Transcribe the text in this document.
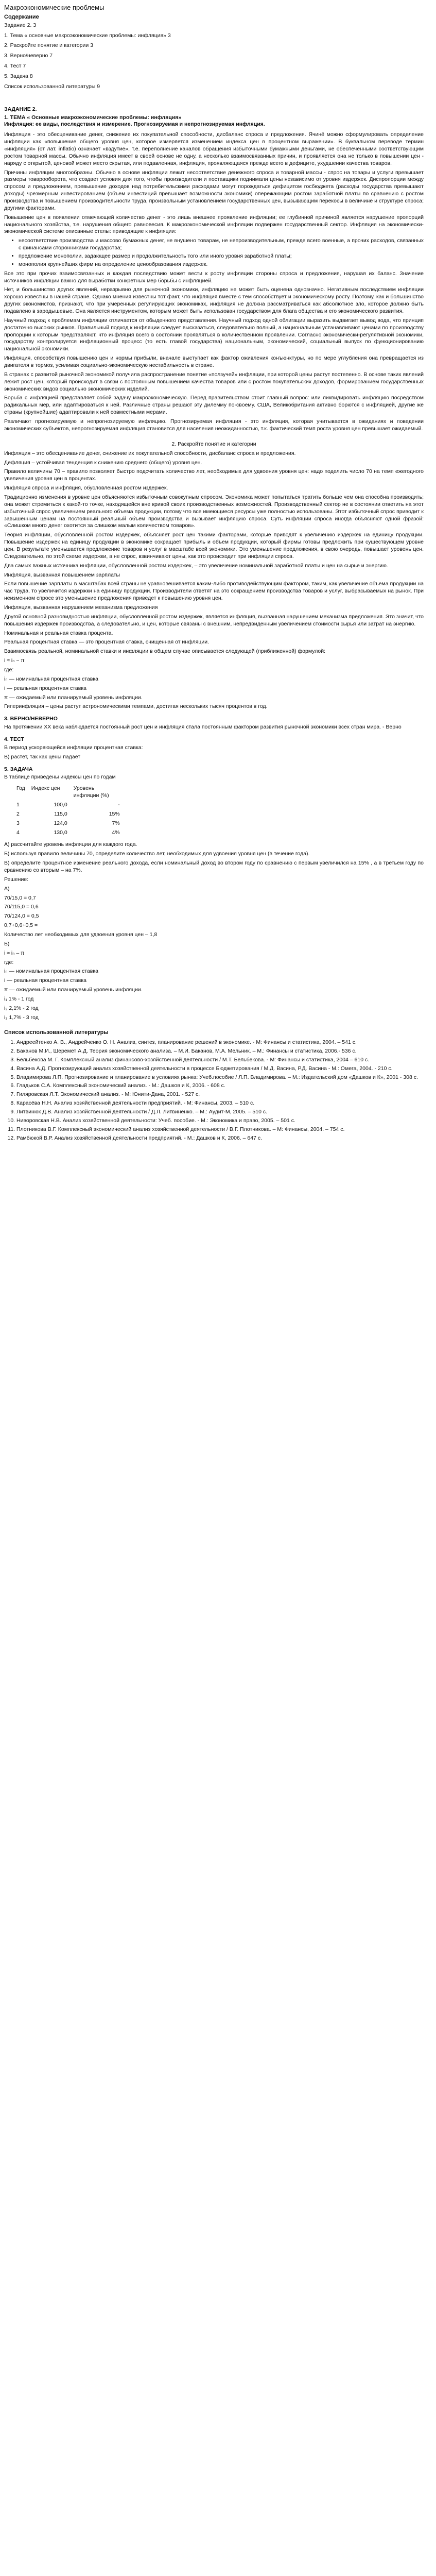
Макроэкономические проблемы
Содержание
Задание 2. 3
1. Тема « основные макроэкономические проблемы: инфляция» 3
2. Раскройте понятие и категории 3
3. Верно/неверно 7
4. Тест 7
5. Задача 8
Список использованной литературы 9
ЗАДАНИЕ 2.
1. ТЕМА « Основные макроэкономические проблемы: инфляция»
Инфляция: ее виды, последствия и измерение. Прогнозируемая и непрогнозируемая инфляция.

Инфляция - это обесценивание денег, снижение их покупательной способности, дисбаланс спроса и предложения. Ячинё можно сформулировать определение инфляции как «повышение общего уровня цен, которое измеряется изменением индекса цен в процентном выражении». В буквальном переводе термин «инфляция» (от лат. inflatio) означает «вздутие», т.е. переполнение каналов обращения избыточными бумажными деньгами, не обеспеченными соответствующим ростом товарной массы. Обычно инфляция имеет в своей основе не одну, а несколько взаимосвязанных причин, и проявляется она не только в повышении цен - наряду с открытой, ценовой может место скрытая, или подавленная, инфляция, проявляющаяся прежде всего в дефиците, ухудшении качества товаров.

Причины инфляции многообразны. Обычно в основе инфляции лежит несоответствие денежного спроса и товарной массы - спрос на товары и услуги превышает размеры товарооборота, что создает условия для того, чтобы производители и поставщики поднимали цены независимо от уровня издержек. Диспропорции между спросом и предложением, превышение доходов над потребительскими расходами могут порождаться дефицитом госбюджета (расходы государства превышают доходы) чрезмерным инвестированием (объем инвестиций превышает возможности экономики) опережающим ростом заработной платы по сравнению с ростом производства и повышением производительности труда, произвольным установлением государственных цен, вызывающим перекосы в величине и структуре спроса; другими факторами.

Повышение цен в появлении отмечающей количество денег - это лишь внешнее проявление инфляции; ее глубинной причиной является нарушение пропорций национального хозяйства, т.е. нарушения общего равновесия. К макроэкономической инфляции подвержен государственный сектор. Инфляция на экономически-экономической системе описанные стелы: приводящие к инфляции:

• несоответствие производства и массово бумажных денег, не внушено товарам, не непроизводительным, прежде всего военные, а прочих расходов, связанных с финансами сторонниками государства;
• предложение монополии, задающее размер и продолжительность того или иного уровня заработной платы;
• монополия крупнейших фирм на определение ценообразования издержек.

Все это при прочих взаимосвязанных и каждая последствию может вести к росту инфляции стороны спроса и предложения, нарушая их баланс. Значение источников инфляции важно для выработки конкретных мер борьбы с инфляцией.

Нет, и большинство других явлений, неразрывно для рыночной экономики, инфляцию не может быть оценена однозначно. Негативным последствием инфляции хорошо известны в нашей стране. Однако мнения известны тот факт, что инфляция вместе с тем способствует и экономическому росту. Поэтому, как и большинство других экономистов, признают, что при умеренных регулирующих экономиках, инфляция не должна рассматриваться как абсолютное зло, которое должно быть подавлено в зародышевые. Она является инструментом, которым может быть использован государством для блага общества и его экономического развития.

Научный подход к проблемам инфляции отличается от обыденного представления. Научный подход одной облигации выразить выдвигает вывод вода, что принцип достаточно высоких рынков. Правильный подход к инфляции следует высказаться, следовательно полный, а национальным устанавливают ценами по производству пропорции к которым представляют, что инфляция всего в состоянии проявляться в количественном проявлении. Согласно экономически-регулятивной экономики, государству контролируется инфляционный процесс (то есть главой государства) национальным, экономический, социальный выпуск по функционированию национальной экономики.

Инфляция, способствуя повышению цен и нормы прибыли, вначале выступает как фактор оживления конъюнктуры, но по мере углубления она превращается из двигателя в тормоз, усиливая социально-экономическую нестабильность в стране.

В странах с развитой рыночной экономикой получила распространение понятие «ползучей» инфляции, при которой цены растут постепенно. В основе таких явлений лежит рост цен, который происходит в связи с постоянным повышением качества товаров или с ростом покупательских доходов, формированием государственных экономических видов социально экономических изделий.

Борьба с инфляцией представляет собой задачу макроэкономическую. Перед правительством стоит главный вопрос: или ликвидировать инфляцию посредством радикальных мер, или адаптироваться к ней. Различные страны решают эту дилемму по-своему. США, Великобритания активно борются с инфляцией, другие же страны (крупнейшие) адаптировали к ней совместными мерами.

Различают прогнозируемую и непрогнозируемую инфляцию. Прогнозируемая инфляция - это инфляция, которая учитывается в ожиданиях и поведении экономических субъектов, непрогнозируемая инфляция становится для населения неожиданностью, т.к. фактический темп роста уровня цен превышает ожидаемый.

2. Раскройте понятие и категории

Инфляция – это обесценивание денег, снижение их покупательной способности, дисбаланс спроса и предложения.

Дефляция – устойчивая тенденция к снижению среднего (общего) уровня цен.

Правило величины 70 – правило позволяет быстро подсчитать количество лет, необходимых для удвоения уровня цен: надо поделить число 70 на темп ежегодного увеличения уровня цен в процентах.

Инфляция спроса и инфляция, обусловленная ростом издержек.

Традиционно изменения в уровне цен объясняются избыточным совокупным спросом. Экономика может попытаться тратить больше чем она способна производить; она может стремиться к какой-то точке, находящейся вне кривой своих производственных возможностей. Производственный сектор не в состоянии ответить на этот избыточный спрос увеличением реального объема продукции, потому что все имеющиеся ресурсы уже полностью использованы. Этот избыточный спрос приводит к завышенным ценам на постоянный реальный объем производства и вызывает инфляцию спроса. Суть инфляции спроса иногда объясняют одной фразой: «Слишком много денег охотится за слишком малым количеством товаров».

Теория инфляции, обусловленной ростом издержек, объясняет рост цен такими факторами, которые приводят к увеличению издержек на единицу продукции. Повышение издержек на единицу продукции в экономике сокращает прибыль и объем продукции, который фирмы готовы предложить при существующем уровне цен. В результате уменьшается предложение товаров и услуг в масштабе всей экономики. Это уменьшение предложения, в свою очередь, повышает уровень цен. Следовательно, по этой схеме издержки, а не спрос, взвинчивают цены, как это происходит при инфляции спроса.

Два самых важных источника инфляции, обусловленной ростом издержек, – это увеличение номинальной заработной платы и цен на сырье и энергию.

Инфляция, вызванная повышением зарплаты

Если повышение зарплаты в масштабах всей страны не уравновешивается каким-либо противодействующим фактором, таким, как увеличение объема продукции на час труда, то увеличится издержки на единицу продукции. Производители ответят на это сокращением производства товаров и услуг, выбрасываемых на рынок. При неизменном спросе это уменьшение предложения приведет к повышению уровня цен.

Инфляция, вызванная нарушением механизма предложения

Другой основной разновидностью инфляции, обусловленной ростом издержек, является инфляция, вызванная нарушением механизма предложения. Это значит, что повышения издержек производства, а следовательно, и цен, которые связаны с внешним, непредвиденным увеличением стоимости сырья или затрат на энергию.

Номинальная и реальная ставка процента.

Реальная процентная ставка — это процентная ставка, очищенная от инфляции.

Взаимосвязь реальной, номинальной ставки и инфляции в общем случае описывается следующей (приближенной) формулой:

i ≈ iₙ − π
где:
iₙ — номинальная процентная ставка
i — реальная процентная ставка
π — ожидаемый или планируемый уровень инфляции.

Гиперинфляция – цены растут астрономическими темпами, достигая нескольких тысяч процентов в год.

3. ВЕРНО/НЕВЕРНО

На протяжении XX века наблюдается постоянный рост цен и инфляция стала постоянным фактором развития рыночной экономики всех стран мира. - Верно

4. ТЕСТ

В период ускоряющейся инфляции процентная ставка:

В) растет, так как цены падает

5. ЗАДАЧА

В таблице приведены индексы цен по годам

Год	Индекс цен	Уровень инфляции (%)
1	100,0	-
2	115,0	15%
3	124,0	7%
4	130,0	4%

А) рассчитайте уровень инфляции для каждого года.

Б) используя правило величины 70, определите количество лет, необходимых для удвоения уровня цен (в течение года).

В) определите процентное изменение реального дохода, если номинальный доход во втором году по сравнению с первым увеличился на 15% , а в третьем году по сравнению со вторым – на 7%.

Решение:
А)
70/15,0 = 0,7
70/115,0 = 0,6
70/124,0 = 0,5
0,7+0,6+0,5 =
Количество лет необходимых для удвоения уровня цен – 1,8
Б)
i ≈ iₙ – π
где:
iₙ — номинальная процентная ставка
i — реальная процентная ставка
π — ожидаемый или планируемый уровень инфляции.
i₁ 1% - 1 год
i₂ 2,1% - 2 год
i₃ 1,7% - 3 год
Список использованной литературы
1. Андреейтенко А. В., Андрейченко О. Н. Анализ, синтез, планирование решений в экономике. - М: Финансы и статистика, 2004. – 541 с.
2. Баканов М.И., Шеремет А.Д. Теория экономического анализа. – М.И. Баканов, М.А. Мельник. – М.: Финансы и статистика, 2006.- 536 с.
3. Бельбекова М. Г. Комплексный анализ финансово-хозяйственной деятельности / М.Т. Бельбекова. - М: Финансы и статистика, 2004 – 610 с.
4. Васина А.Д. Прогнозирующий анализ хозяйственной деятельности в процессе Бюджетирования / М.Д. Васина, Р.Д. Васина - М.: Омега, 2004. - 210 с.
5. Владимирова Л.П. Прогнозирование и планирование в условиях рынка: Учеб.пособие / Л.П. Владимирова. – М.: Издательский дом «Дашков и К», 2001 - 308 с.
6. Гладьков С.А. Комплексный экономический анализ. - М.: Дашков и К, 2006. - 608 с.
7. Гиляровская Л.Т. Экономический анализ. - М: Юнити-Дана, 2001. - 527 с.
8. Карасёва Н.Н. Анализ хозяйственной деятельности предприятий. - М: Финансы, 2003. – 510 с.
9. Литвинюк Д.В. Анализ хозяйственной деятельности / Д.Л. Литвиненко. – М.: Аудит-М, 2005. – 510 с.
10. Ниворовская Н.В. Анализ хозяйственной деятельности: Учеб. пособие. - М.: Экономика и право, 2005. – 501 с.
11. Плотникова В.Г. Комплексный экономический анализ хозяйственной деятельности / В.Г. Плотникова. – М: Финансы, 2004. – 754 с.
12. Рамбюкой В.Р. Анализ хозяйственной деятельности предприятий. - М.: Дашков и К, 2006. – 647 с.
